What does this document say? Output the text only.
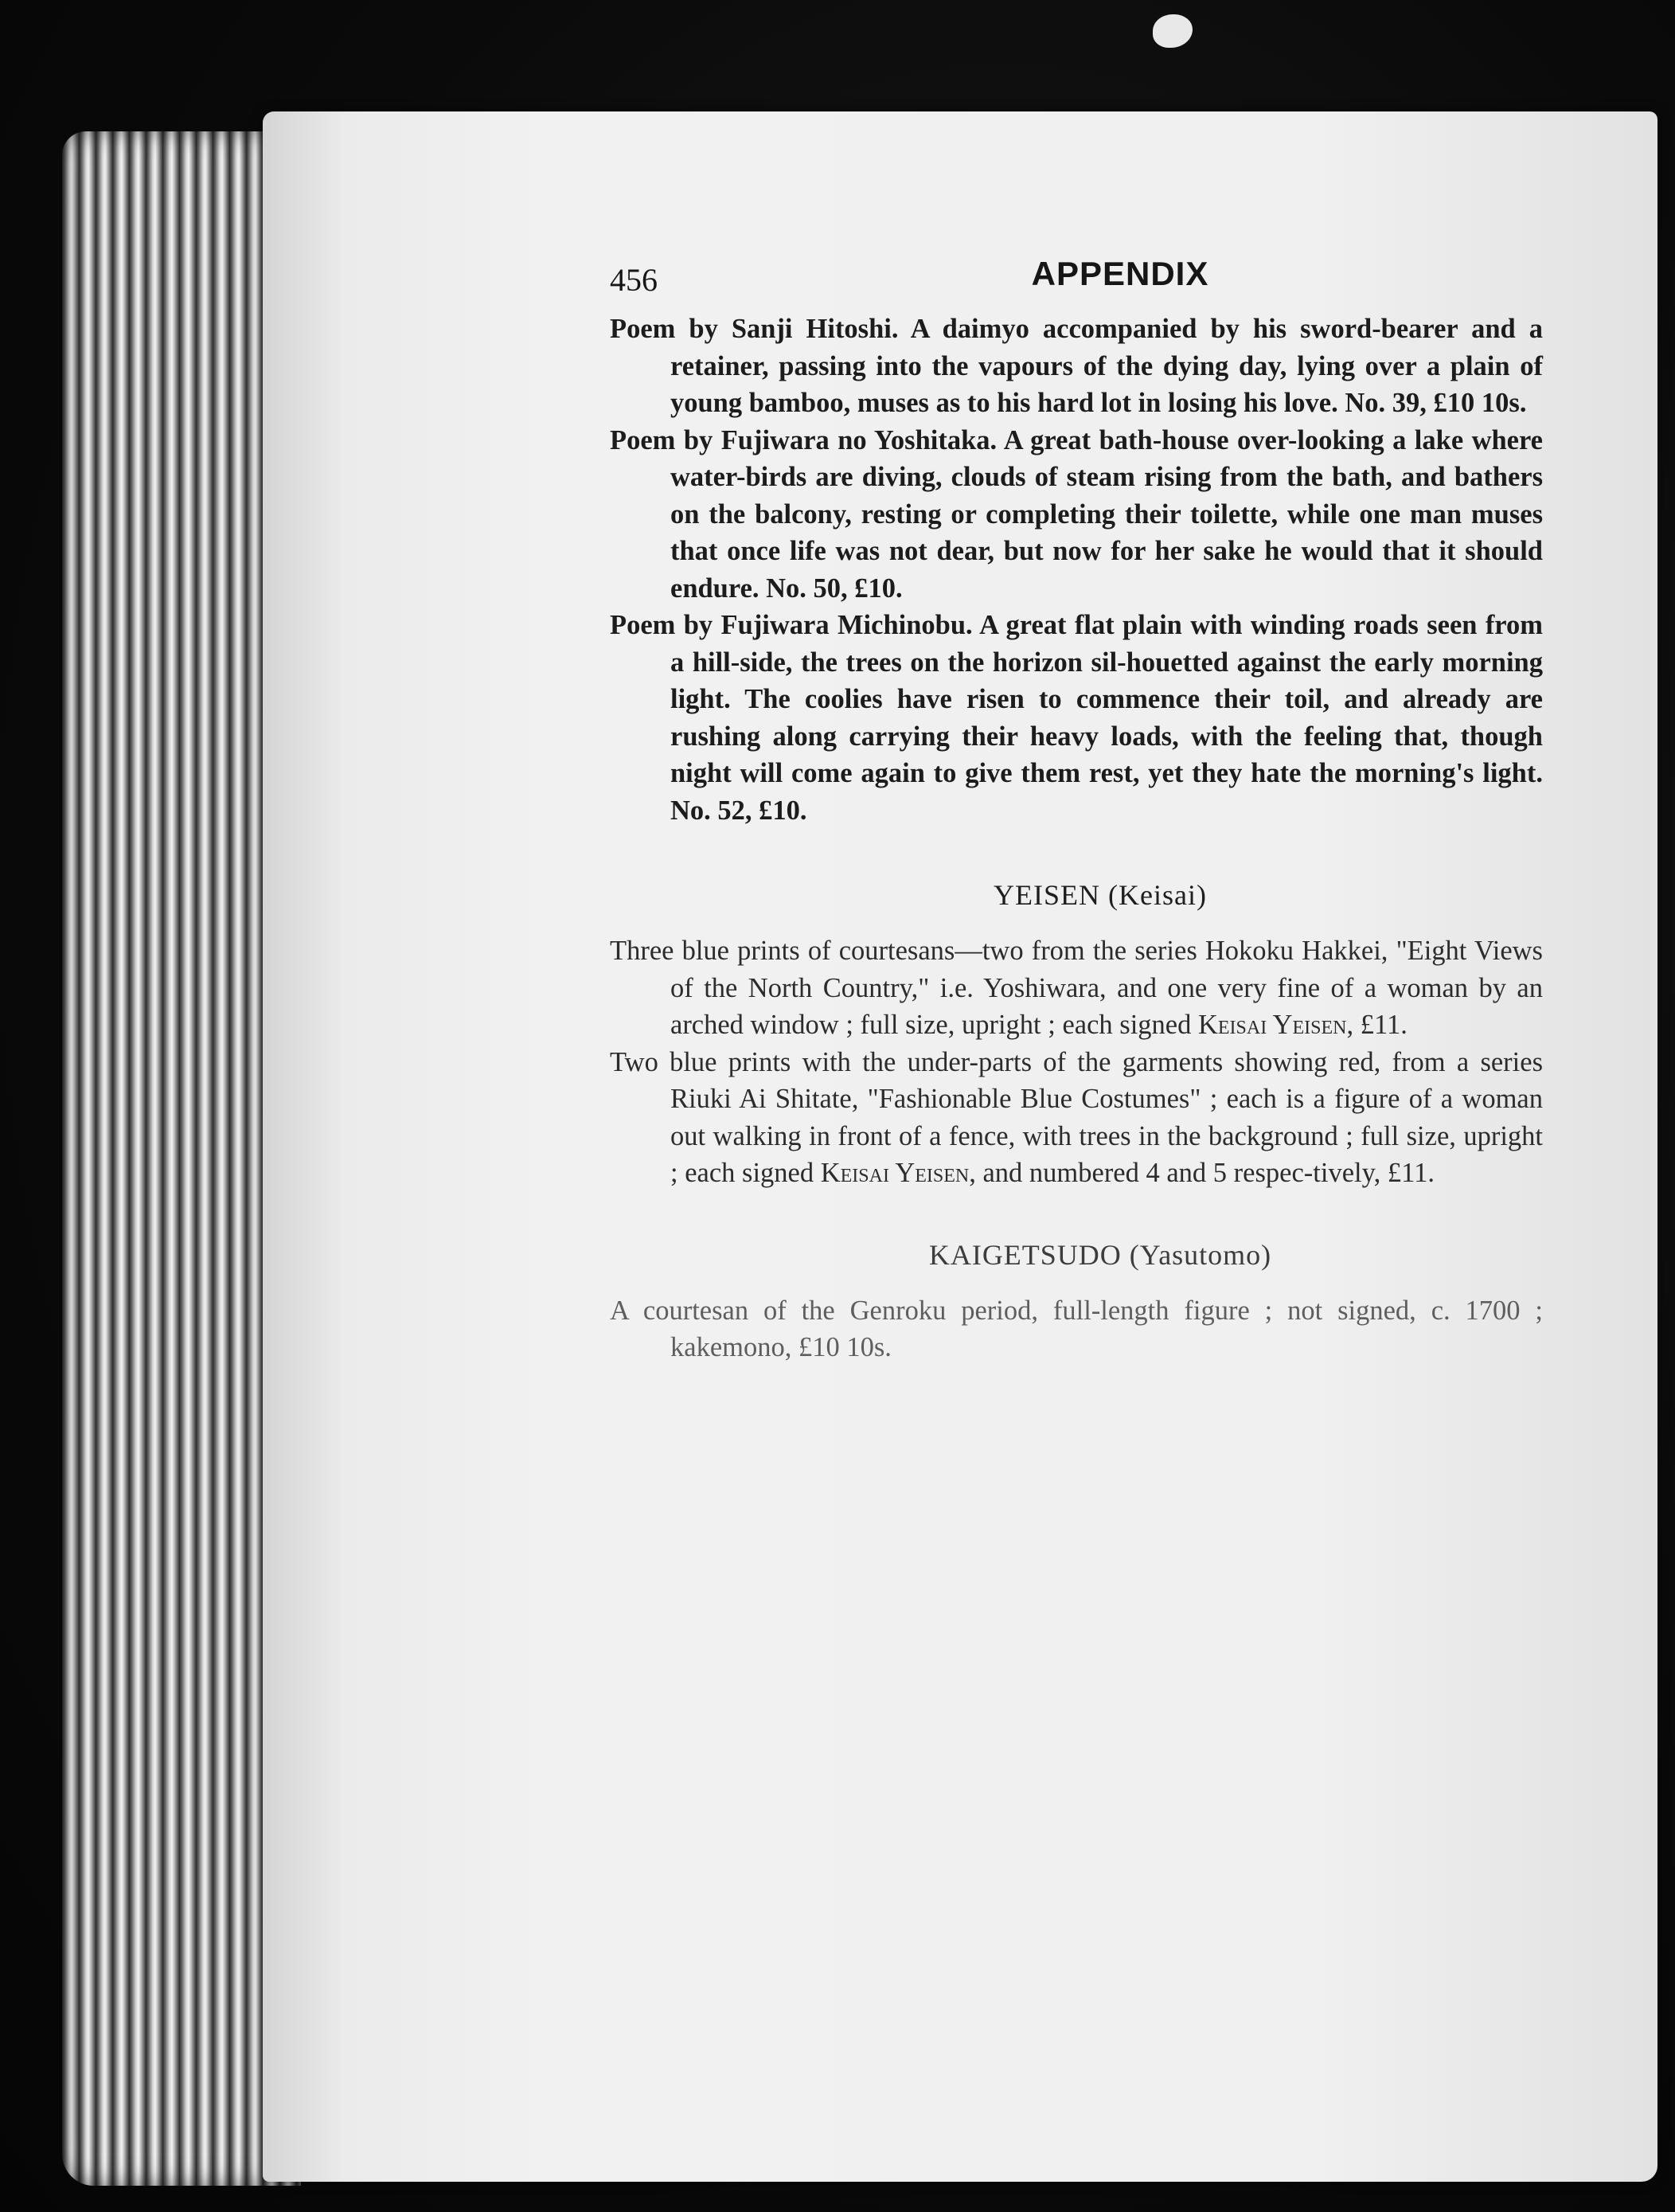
456	APPENDIX

Poem by Sanji Hitoshi. A daimyo accompanied by his sword-bearer and a retainer, passing into the vapours of the dying day, lying over a plain of young bamboo, muses as to his hard lot in losing his love. No. 39, £10 10s.

Poem by Fujiwara no Yoshitaka. A great bath-house over-looking a lake where water-birds are diving, clouds of steam rising from the bath, and bathers on the balcony, resting or completing their toilette, while one man muses that once life was not dear, but now for her sake he would that it should endure. No. 50, £10.

Poem by Fujiwara Michinobu. A great flat plain with winding roads seen from a hill-side, the trees on the horizon sil-houetted against the early morning light. The coolies have risen to commence their toil, and already are rushing along carrying their heavy loads, with the feeling that, though night will come again to give them rest, yet they hate the morning's light. No. 52, £10.

YEISEN (Keisai)

Three blue prints of courtesans—two from the series Hokoku Hakkei, "Eight Views of the North Country," i.e. Yoshiwara, and one very fine of a woman by an arched window ; full size, upright ; each signed Keisai Yeisen, £11.

Two blue prints with the under-parts of the garments showing red, from a series Riuki Ai Shitate, "Fashionable Blue Costumes" ; each is a figure of a woman out walking in front of a fence, with trees in the background ; full size, upright ; each signed Keisai Yeisen, and numbered 4 and 5 respec-tively, £11.

KAIGETSUDO (Yasutomo)

A courtesan of the Genroku period, full-length figure ; not signed, c. 1700 ; kakemono, £10 10s.
